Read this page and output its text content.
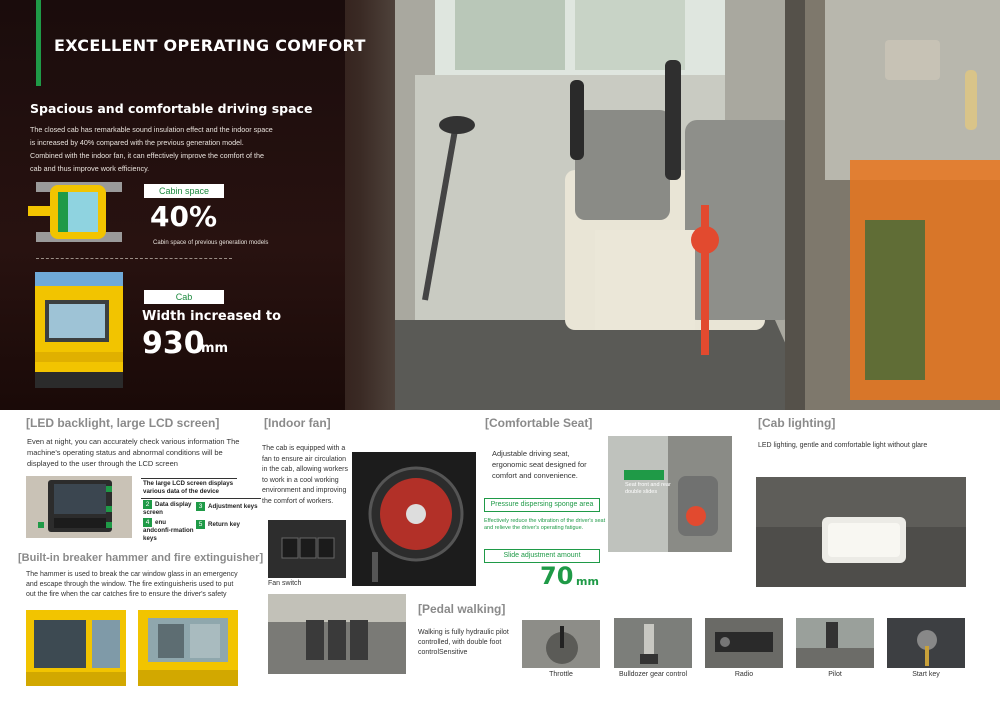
EXCELLENT OPERATING COMFORT
Spacious and comfortable driving space
The closed cab has remarkable sound insulation effect and the indoor space is increased by 40% compared with the previous generation model. Combined with the indoor fan, it can effectively improve the comfort of the cab and thus improve work efficiency.
Cabin space
40%
Cabin space of previous generation models
Cab
Width increased to
930
mm
[LED backlight, large LCD screen]
Even at night, you can accurately check various information The machine's operating status and abnormal conditions will be displayed to the user through the LCD screen
The large LCD screen displays various data of the device
2 Data display screen
3 Adjustment keys
4 enu andconfi-rmation keys
5 Return key
[Built-in breaker hammer and fire extinguisher]
The hammer is used to break the car window glass in an emergency and escape through the window. The fire extinguisheris used to put out the fire when the car catches fire to ensure the driver's safety
[Indoor fan]
The cab is equipped with a fan to ensure air circulation in the cab, allowing workers to work in a cool working environment and improving the comfort of workers.
Fan switch
[Pedal walking]
Walking is fully hydraulic pilot controlled, with double foot controlSensitive
[Comfortable Seat]
Adjustable driving seat, ergonomic seat designed for comfort and convenience.
Pressure dispersing sponge area
Effectively reduce the vibration of the driver's seat and relieve the driver's operating fatigue.
Slide adjustment amount
70 mm
Seat front and rear double slides
[Cab lighting]
LED lighting, gentle and comfortable light without glare
Throttle	Bulldozer gear control	Radio	Pilot	Start key
